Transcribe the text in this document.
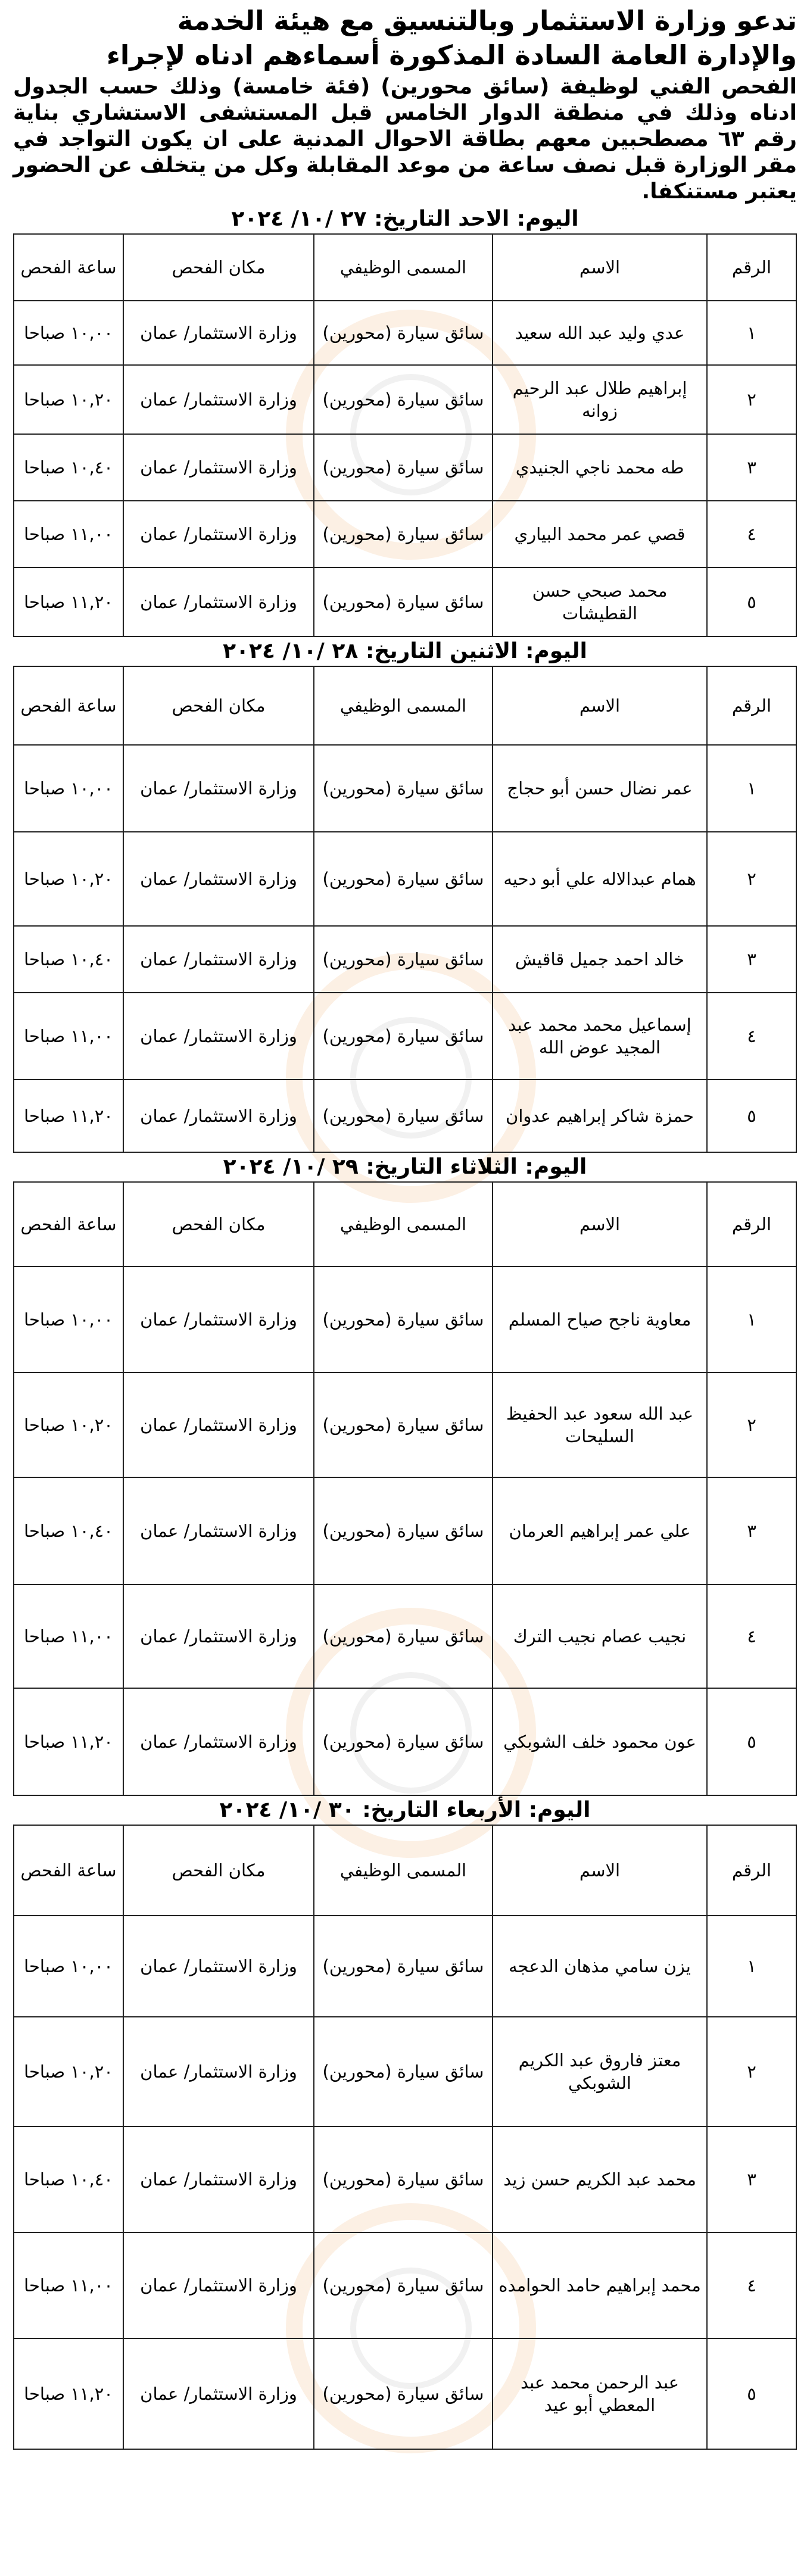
تدعو وزارة الاستثمار وبالتنسيق مع هيئة الخدمة

والإدارة العامة السادة المذكورة أسماءهم ادناه لإجراء

الفحص الفني لوظيفة (سائق محورين) (فئة خامسة) وذلك حسب الجدول ادناه وذلك في منطقة الدوار الخامس قبل المستشفى الاستشاري بناية رقم ٦٣ مصطحبين معهم بطاقة الاحوال المدنية على ان يكون التواجد في مقر الوزارة قبل نصف ساعة من موعد المقابلة وكل من يتخلف عن الحضور يعتبر مستنكفا.

اليوم: الاحد التاريخ: ٢٧ /١٠/ ٢٠٢٤
الرقم	الاسم	المسمى الوظيفي	مكان الفحص	ساعة الفحص
١	عدي وليد عبد الله سعيد	سائق سيارة (محورين)	وزارة الاستثمار/ عمان	١٠,٠٠ صباحا
٢	إبراهيم طلال عبد الرحيم زوانه	سائق سيارة (محورين)	وزارة الاستثمار/ عمان	١٠,٢٠ صباحا
٣	طه محمد ناجي الجنيدي	سائق سيارة (محورين)	وزارة الاستثمار/ عمان	١٠,٤٠ صباحا
٤	قصي عمر محمد البياري	سائق سيارة (محورين)	وزارة الاستثمار/ عمان	١١,٠٠ صباحا
٥	محمد صبحي حسن القطيشات	سائق سيارة (محورين)	وزارة الاستثمار/ عمان	١١,٢٠ صباحا
اليوم: الاثنين التاريخ: ٢٨ /١٠/ ٢٠٢٤
الرقم	الاسم	المسمى الوظيفي	مكان الفحص	ساعة الفحص
١	عمر نضال حسن أبو حجاج	سائق سيارة (محورين)	وزارة الاستثمار/ عمان	١٠,٠٠ صباحا
٢	همام عبدالاله علي أبو دحيه	سائق سيارة (محورين)	وزارة الاستثمار/ عمان	١٠,٢٠ صباحا
٣	خالد احمد جميل قاقيش	سائق سيارة (محورين)	وزارة الاستثمار/ عمان	١٠,٤٠ صباحا
٤	إسماعيل محمد محمد عبد المجيد عوض الله	سائق سيارة (محورين)	وزارة الاستثمار/ عمان	١١,٠٠ صباحا
٥	حمزة شاكر إبراهيم عدوان	سائق سيارة (محورين)	وزارة الاستثمار/ عمان	١١,٢٠ صباحا
اليوم: الثلاثاء التاريخ: ٢٩ /١٠/ ٢٠٢٤
الرقم	الاسم	المسمى الوظيفي	مكان الفحص	ساعة الفحص
١	معاوية ناجح صياح المسلم	سائق سيارة (محورين)	وزارة الاستثمار/ عمان	١٠,٠٠ صباحا
٢	عبد الله سعود عبد الحفيظ السليحات	سائق سيارة (محورين)	وزارة الاستثمار/ عمان	١٠,٢٠ صباحا
٣	علي عمر إبراهيم العرمان	سائق سيارة (محورين)	وزارة الاستثمار/ عمان	١٠,٤٠ صباحا
٤	نجيب عصام نجيب الترك	سائق سيارة (محورين)	وزارة الاستثمار/ عمان	١١,٠٠ صباحا
٥	عون محمود خلف الشوبكي	سائق سيارة (محورين)	وزارة الاستثمار/ عمان	١١,٢٠ صباحا
اليوم: الأربعاء التاريخ: ٣٠ /١٠/ ٢٠٢٤
الرقم	الاسم	المسمى الوظيفي	مكان الفحص	ساعة الفحص
١	يزن سامي مذهان الدعجه	سائق سيارة (محورين)	وزارة الاستثمار/ عمان	١٠,٠٠ صباحا
٢	معتز فاروق عبد الكريم الشوبكي	سائق سيارة (محورين)	وزارة الاستثمار/ عمان	١٠,٢٠ صباحا
٣	محمد عبد الكريم حسن زيد	سائق سيارة (محورين)	وزارة الاستثمار/ عمان	١٠,٤٠ صباحا
٤	محمد إبراهيم حامد الحوامده	سائق سيارة (محورين)	وزارة الاستثمار/ عمان	١١,٠٠ صباحا
٥	عبد الرحمن محمد عبد المعطي أبو عيد	سائق سيارة (محورين)	وزارة الاستثمار/ عمان	١١,٢٠ صباحا
